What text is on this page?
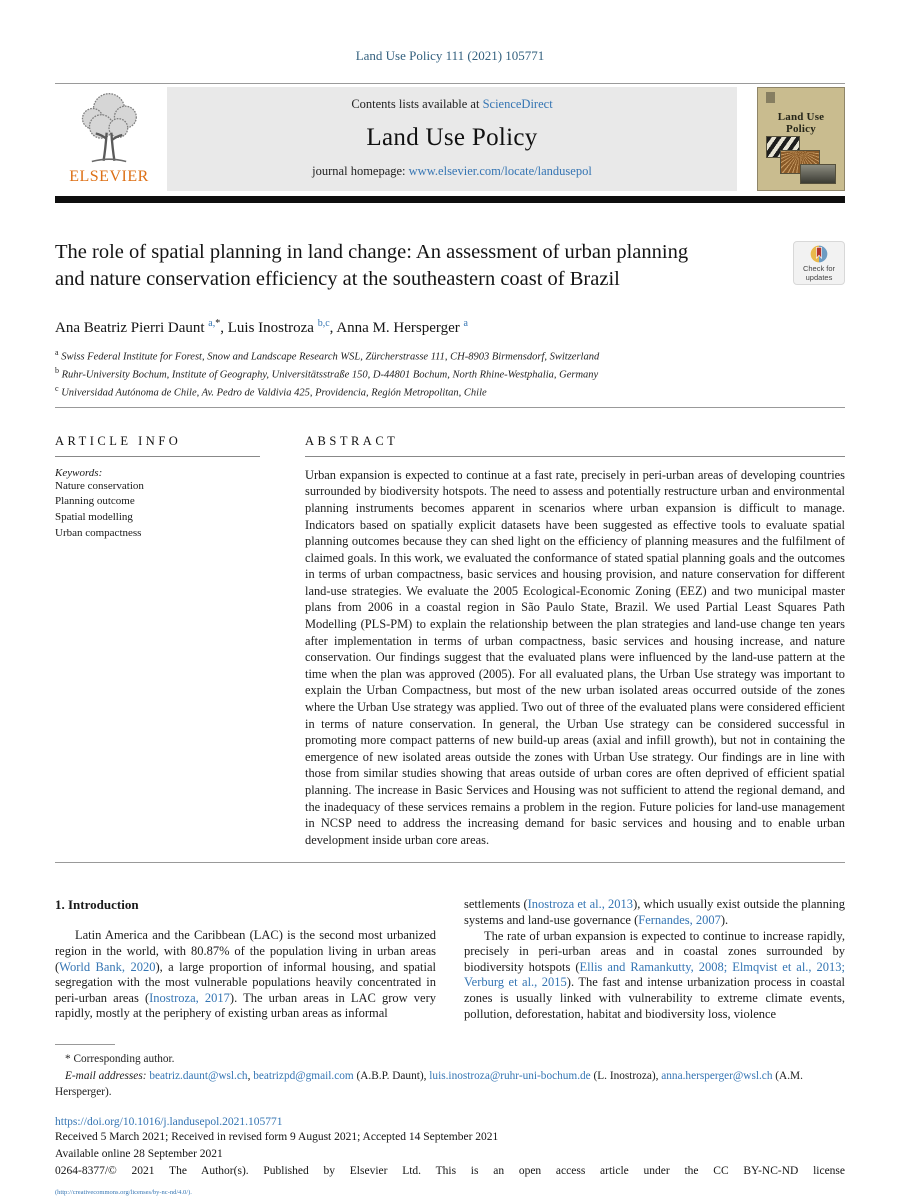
Land Use Policy 111 (2021) 105771
ELSEVIER
Contents lists available at ScienceDirect
Land Use Policy
journal homepage: www.elsevier.com/locate/landusepol
Land Use Policy
The role of spatial planning in land change: An assessment of urban planning and nature conservation efficiency at the southeastern coast of Brazil	Check for updates
Ana Beatriz Pierri Daunt $^{a,*}$, Luis Inostroza $^{b,c}$, Anna M. Hersperger $^a$
$^a$ Swiss Federal Institute for Forest, Snow and Landscape Research WSL, Zürcherstrasse 111, CH-8903 Birmensdorf, Switzerland
$^b$ Ruhr-University Bochum, Institute of Geography, Universitätsstraße 150, D-44801 Bochum, North Rhine-Westphalia, Germany
$^c$ Universidad Autónoma de Chile, Av. Pedro de Valdivia 425, Providencia, Región Metropolitan, Chile
ARTICLE INFO
Keywords:
Nature conservation
Planning outcome
Spatial modelling
Urban compactness
ABSTRACT

Urban expansion is expected to continue at a fast rate, precisely in peri-urban areas of developing countries surrounded by biodiversity hotspots. The need to assess and potentially restructure urban and environmental planning instruments becomes apparent in scenarios where urban expansion is difficult to manage. Indicators based on spatially explicit datasets have been suggested as effective tools to evaluate spatial planning outcomes because they can shed light on the efficiency of planning measures and the fulfilment of claimed goals. In this work, we evaluated the conformance of stated spatial planning goals and the outcomes in terms of urban compactness, basic services and housing provision, and nature conservation for different land-use strategies. We evaluate the 2005 Ecological-Economic Zoning (EEZ) and two municipal master plans from 2006 in a coastal region in São Paulo State, Brazil. We used Partial Least Squares Path Modelling (PLS-PM) to explain the relationship between the plan strategies and land-use change ten years after implementation in terms of urban compactness, basic services and housing increase, and nature conservation. Our findings suggest that the evaluated plans were influenced by the land-use pattern at the time when the plan was approved (2005). For all evaluated plans, the Urban Use strategy was important to explain the Urban Compactness, but most of the new urban isolated areas occurred outside of the zones where the Urban Use strategy was applied. Two out of three of the evaluated plans were considered efficient in terms of nature conservation. In general, the Urban Use strategy can be considered successful in promoting more compact patterns of new build-up areas (axial and infill growth), but not in containing the emergence of new isolated areas outside the zones with Urban Use strategy. Our findings are in line with those from similar studies showing that areas outside of urban cores are often deprived of efficient spatial planning. The increase in Basic Services and Housing was not sufficient to attend the regional demand, and the inadequacy of these services remains a problem in the region. Future policies for land-use management in NCSP need to address the increasing demand for basic services and housing and to enable urban development inside urban core areas.

1. Introduction

Latin America and the Caribbean (LAC) is the second most urbanized region in the world, with 80.87% of the population living in urban areas (World Bank, 2020), a large proportion of informal housing, and spatial segregation with the most vulnerable populations heavily concentrated in peri-urban areas (Inostroza, 2017). The urban areas in LAC grow very rapidly, mostly at the periphery of existing urban areas as informal

settlements (Inostroza et al., 2013), which usually exist outside the planning systems and land-use governance (Fernandes, 2007).

The rate of urban expansion is expected to continue to increase rapidly, precisely in peri-urban areas and in coastal zones surrounded by biodiversity hotspots (Ellis and Ramankutty, 2008; Elmqvist et al., 2013; Verburg et al., 2015). The fast and intense urbanization process in coastal zones is usually linked with vulnerability to extreme climate events, pollution, deforestation, habitat and biodiversity loss, violence

* Corresponding author.
E-mail addresses: beatriz.daunt@wsl.ch, beatrizpd@gmail.com (A.B.P. Daunt), luis.inostroza@ruhr-uni-bochum.de (L. Inostroza), anna.hersperger@wsl.ch (A.M. Hersperger).
https://doi.org/10.1016/j.landusepol.2021.105771
Received 5 March 2021; Received in revised form 9 August 2021; Accepted 14 September 2021
Available online 28 September 2021
0264-8377/© 2021 The Author(s). Published by Elsevier Ltd. This is an open access article under the CC BY-NC-ND license
(http://creativecommons.org/licenses/by-nc-nd/4.0/).
